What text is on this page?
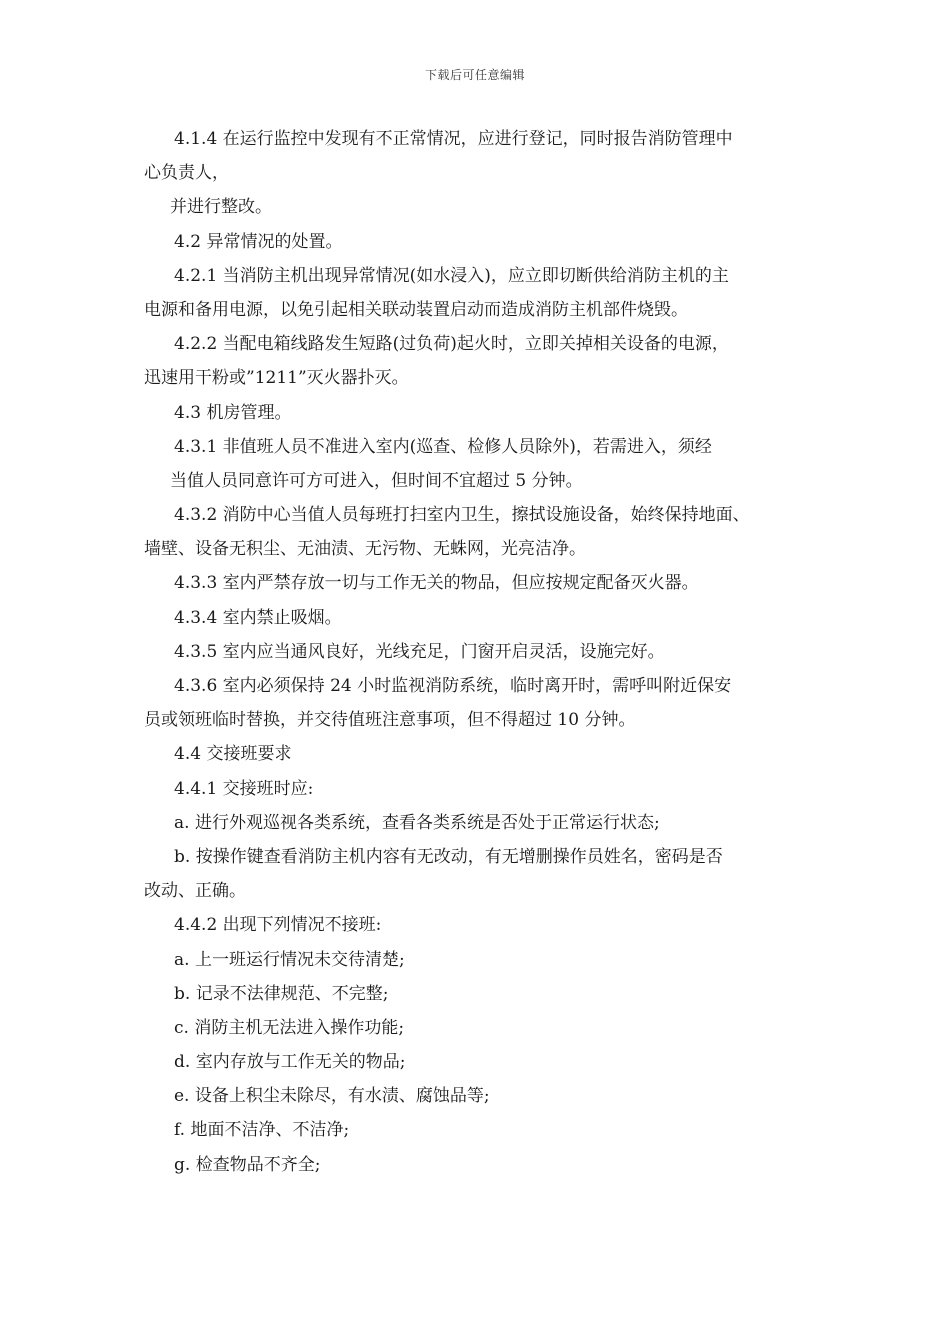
下载后可任意编辑
4.1.4 在运行监控中发现有不正常情况，应进行登记，同时报告消防管理中
心负责人，
并进行整改。
4.2 异常情况的处置。
4.2.1 当消防主机出现异常情况(如水浸入)，应立即切断供给消防主机的主
电源和备用电源，以免引起相关联动装置启动而造成消防主机部件烧毁。
4.2.2 当配电箱线路发生短路(过负荷)起火时，立即关掉相关设备的电源，
迅速用干粉或”1211”灭火器扑灭。
4.3 机房管理。
4.3.1 非值班人员不准进入室内(巡查、检修人员除外)，若需进入，须经
当值人员同意许可方可进入，但时间不宜超过 5 分钟。
4.3.2 消防中心当值人员每班打扫室内卫生，擦拭设施设备，始终保持地面、
墙壁、设备无积尘、无油渍、无污物、无蛛网，光亮洁净。
4.3.3 室内严禁存放一切与工作无关的物品，但应按规定配备灭火器。
4.3.4 室内禁止吸烟。
4.3.5 室内应当通风良好，光线充足，门窗开启灵活，设施完好。
4.3.6 室内必须保持 24 小时监视消防系统，临时离开时，需呼叫附近保安
员或领班临时替换，并交待值班注意事项，但不得超过 10 分钟。
4.4 交接班要求
4.4.1 交接班时应:
a. 进行外观巡视各类系统，查看各类系统是否处于正常运行状态;
b. 按操作键查看消防主机内容有无改动，有无增删操作员姓名，密码是否
改动、正确。
4.4.2 出现下列情况不接班:
a. 上一班运行情况未交待清楚;
b. 记录不法律规范、不完整;
c. 消防主机无法进入操作功能;
d. 室内存放与工作无关的物品;
e. 设备上积尘未除尽，有水渍、腐蚀品等;
f. 地面不洁净、不洁净;
g. 检查物品不齐全;
